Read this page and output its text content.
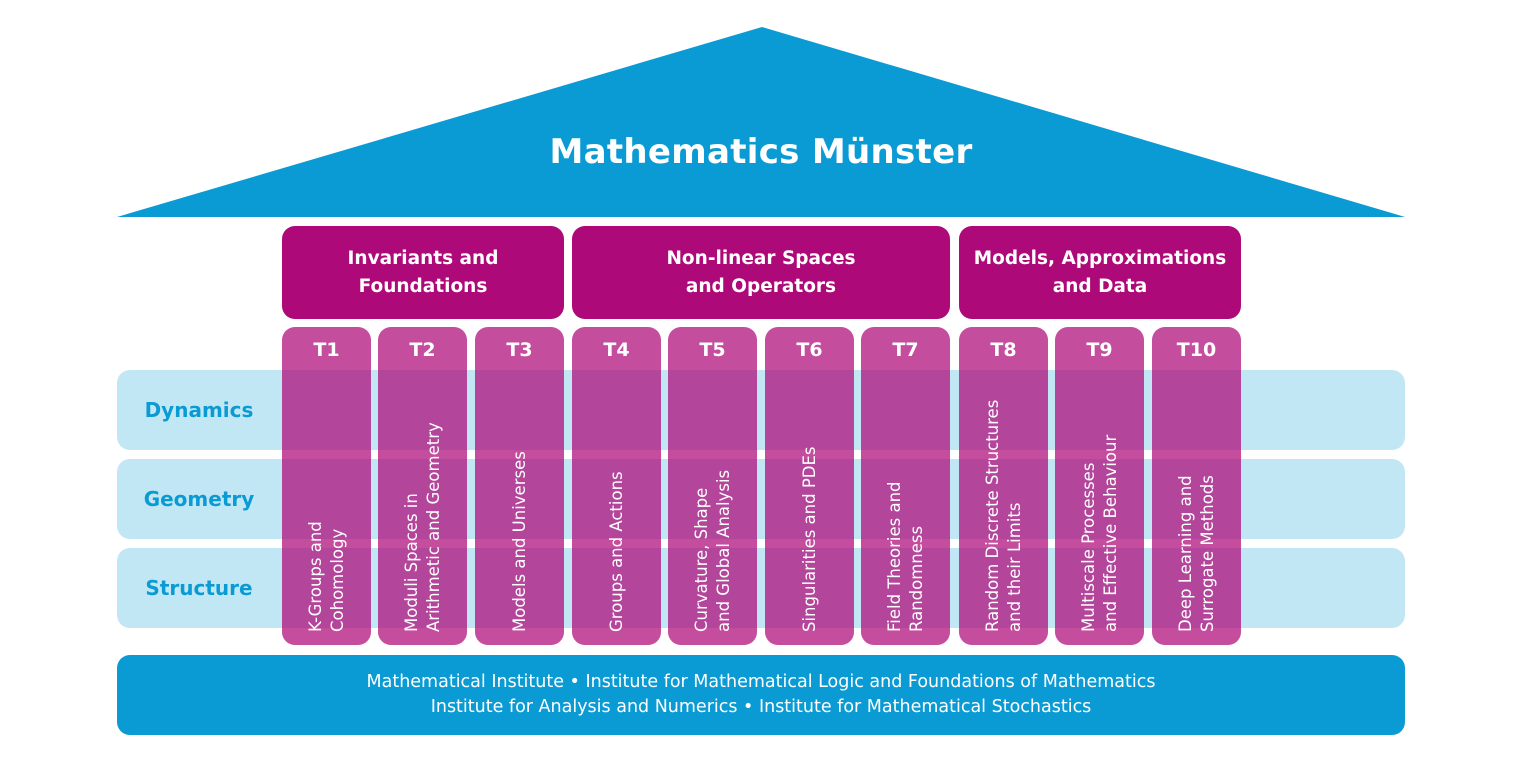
Mathematics Münster
Dynamics
Geometry
Structure
Invariants and
Foundations
Non-linear Spaces
and Operators
Models, Approximations
and Data
T1
K-Groups and
Cohomology
T2
Moduli Spaces in
Arithmetic and Geometry
T3
Models and Universes
T4
Groups and Actions
T5
Curvature, Shape
and Global Analysis
T6
Singularities and PDEs
T7
Field Theories and
Randomness
T8
Random Discrete Structures
and their Limits
T9
Multiscale Processes
and Effective Behaviour
T10
Deep Learning and
Surrogate Methods
Mathematical Institute • Institute for Mathematical Logic and Foundations of Mathematics
Institute for Analysis and Numerics • Institute for Mathematical Stochastics
